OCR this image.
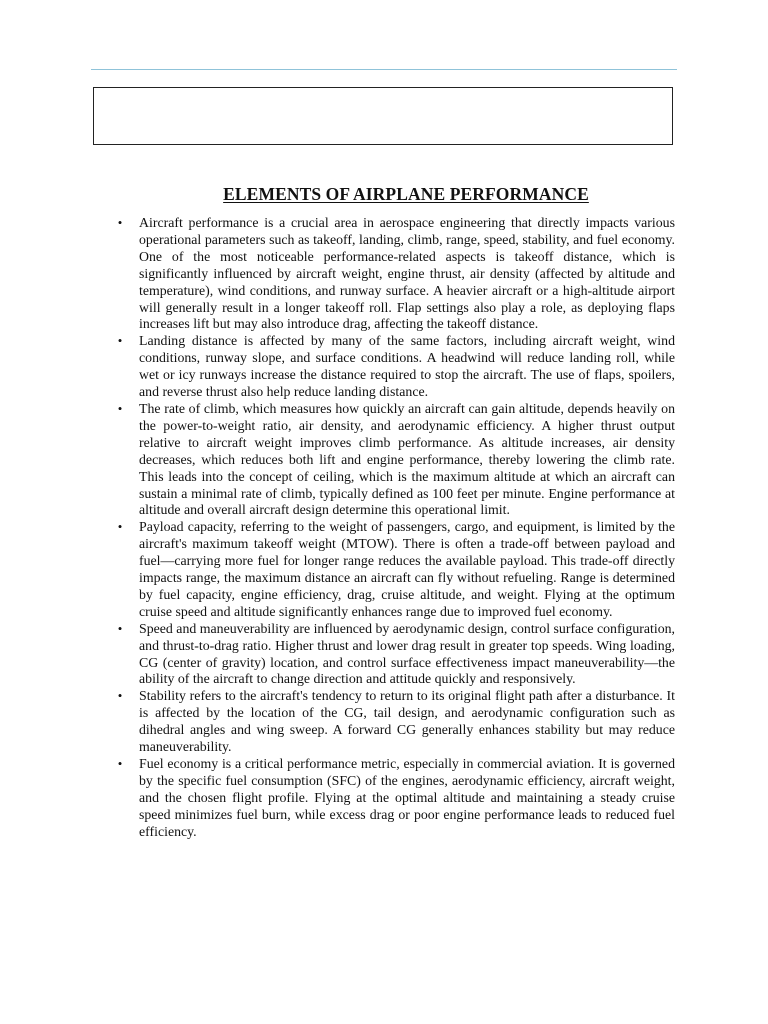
ELEMENTS OF AIRPLANE PERFORMANCE
• Aircraft performance is a crucial area in aerospace engineering that directly impacts various operational parameters such as takeoff, landing, climb, range, speed, stability, and fuel economy. One of the most noticeable performance-related aspects is takeoff distance, which is significantly influenced by aircraft weight, engine thrust, air density (affected by altitude and temperature), wind conditions, and runway surface. A heavier aircraft or a high-altitude airport will generally result in a longer takeoff roll. Flap settings also play a role, as deploying flaps increases lift but may also introduce drag, affecting the takeoff distance.
• Landing distance is affected by many of the same factors, including aircraft weight, wind conditions, runway slope, and surface conditions. A headwind will reduce landing roll, while wet or icy runways increase the distance required to stop the aircraft. The use of flaps, spoilers, and reverse thrust also help reduce landing distance.
• The rate of climb, which measures how quickly an aircraft can gain altitude, depends heavily on the power-to-weight ratio, air density, and aerodynamic efficiency. A higher thrust output relative to aircraft weight improves climb performance. As altitude increases, air density decreases, which reduces both lift and engine performance, thereby lowering the climb rate. This leads into the concept of ceiling, which is the maximum altitude at which an aircraft can sustain a minimal rate of climb, typically defined as 100 feet per minute. Engine performance at altitude and overall aircraft design determine this operational limit.
• Payload capacity, referring to the weight of passengers, cargo, and equipment, is limited by the aircraft's maximum takeoff weight (MTOW). There is often a trade-off between payload and fuel—carrying more fuel for longer range reduces the available payload. This trade-off directly impacts range, the maximum distance an aircraft can fly without refueling. Range is determined by fuel capacity, engine efficiency, drag, cruise altitude, and weight. Flying at the optimum cruise speed and altitude significantly enhances range due to improved fuel economy.
• Speed and maneuverability are influenced by aerodynamic design, control surface configuration, and thrust-to-drag ratio. Higher thrust and lower drag result in greater top speeds. Wing loading, CG (center of gravity) location, and control surface effectiveness impact maneuverability—the ability of the aircraft to change direction and attitude quickly and responsively.
• Stability refers to the aircraft's tendency to return to its original flight path after a disturbance. It is affected by the location of the CG, tail design, and aerodynamic configuration such as dihedral angles and wing sweep. A forward CG generally enhances stability but may reduce maneuverability.
• Fuel economy is a critical performance metric, especially in commercial aviation. It is governed by the specific fuel consumption (SFC) of the engines, aerodynamic efficiency, aircraft weight, and the chosen flight profile. Flying at the optimal altitude and maintaining a steady cruise speed minimizes fuel burn, while excess drag or poor engine performance leads to reduced fuel efficiency.
